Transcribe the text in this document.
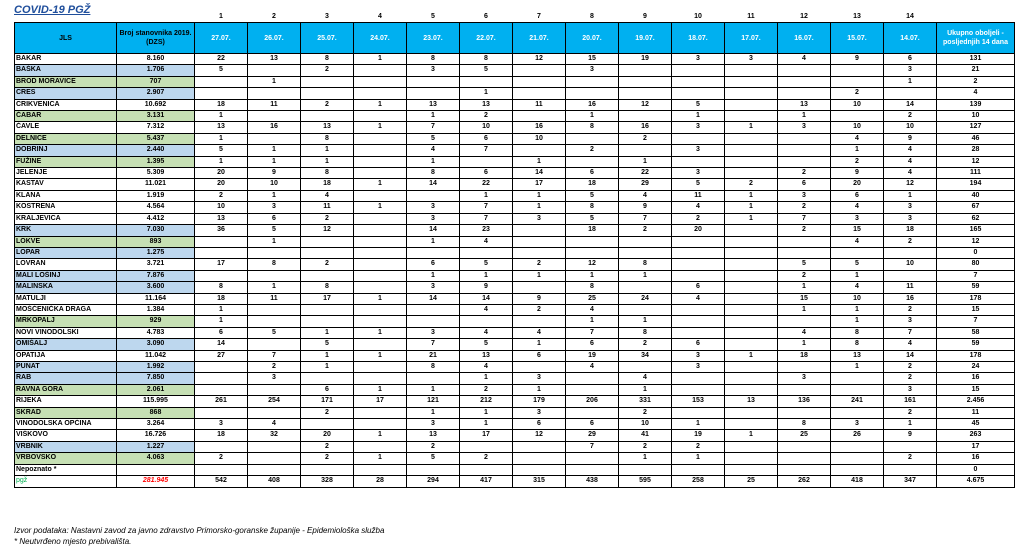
COVID-19 PGŽ
		1	2	3	4	5	6	7	8	9	10	11	12	13	14	
JLS	Broj stanovnika 2019. (DZS)	27.07.	26.07.	25.07.	24.07.	23.07.	22.07.	21.07.	20.07.	19.07.	18.07.	17.07.	16.07.	15.07.	14.07.	Ukupno oboljeli - posljednjih 14 dana
BAKAR	8.160	22	13	8	1	8	8	12	15	19	3	3	4	9	6	131
BAŠKA	1.706	5		2		3	5		3						3	21
BROD MORAVICE	707		1												1	2
CRES	2.907						1							2		4
CRIKVENICA	10.692	18	11	2	1	13	13	11	16	12	5		13	10	14	139
ČABAR	3.131	1				1	2		1		1		1		2	10
ČAVLE	7.312	13	16	13	1	7	10	16	8	16	3	1	3	10	10	127
DELNICE	5.437	1		8		5	6	10		2				4	9	46
DOBRINJ	2.440	5	1	1		4	7		2		3			1	4	28
FUŽINE	1.395	1	1	1		1		1		1				2	4	12
JELENJE	5.309	20	9	8		8	6	14	6	22	3		2	9	4	111
KASTAV	11.021	20	10	18	1	14	22	17	18	29	5	2	6	20	12	194
KLANA	1.919	2	1	4			1	1	5	4	11	1	3	6	1	40
KOSTRENA	4.564	10	3	11	1	3	7	1	8	9	4	1	2	4	3	67
KRALJEVICA	4.412	13	6	2		3	7	3	5	7	2	1	7	3	3	62
KRK	7.030	36	5	12		14	23		18	2	20		2	15	18	165
LOKVE	893		1			1	4							4	2	12
LOPAR	1.275															0
LOVRAN	3.721	17	8	2		6	5	2	12	8			5	5	10	80
MALI LOŠINJ	7.876					1	1	1	1	1			2	1		7
MALINSKA	3.600	8	1	8		3	9		8		6		1	4	11	59
MATULJI	11.164	18	11	17	1	14	14	9	25	24	4		15	10	16	178
MOŠĆENIČKA DRAGA	1.384	1					4	2	4				1	1	2	15
MRKOPALJ	929	1							1	1				1	3	7
NOVI VINODOLSKI	4.783	6	5	1	1	3	4	4	7	8			4	8	7	58
OMIŠALJ	3.090	14		5		7	5	1	6	2	6		1	8	4	59
OPATIJA	11.042	27	7	1	1	21	13	6	19	34	3	1	18	13	14	178
PUNAT	1.992		2	1		8	4		4		3			1	2	24
RAB	7.850		3				1	3		4			3		2	16
RAVNA GORA	2.061			6	1	1	2	1		1					3	15
RIJEKA	115.995	261	254	171	17	121	212	179	206	331	153	13	136	241	161	2.456
SKRAD	868			2		1	1	3		2					2	11
VINODOLSKA OPĆINA	3.264	3	4			3	1	6	6	10	1		8	3	1	45
VIŠKOVO	16.726	18	32	20	1	13	17	12	29	41	19	1	25	26	9	263
VRBNIK	1.227			2		2			7	2	2					17
VRBOVSKO	4.063	2		2	1	5	2			1	1				2	16
Nepoznato *																0
pgž	281.945	542	408	328	28	294	417	315	438	595	258	25	262	418	347	4.675
Izvor podataka: Nastavni zavod za javno zdravstvo Primorsko-goranske županije - Epidemiološka služba
* Neutvrđeno mjesto prebivališta.
